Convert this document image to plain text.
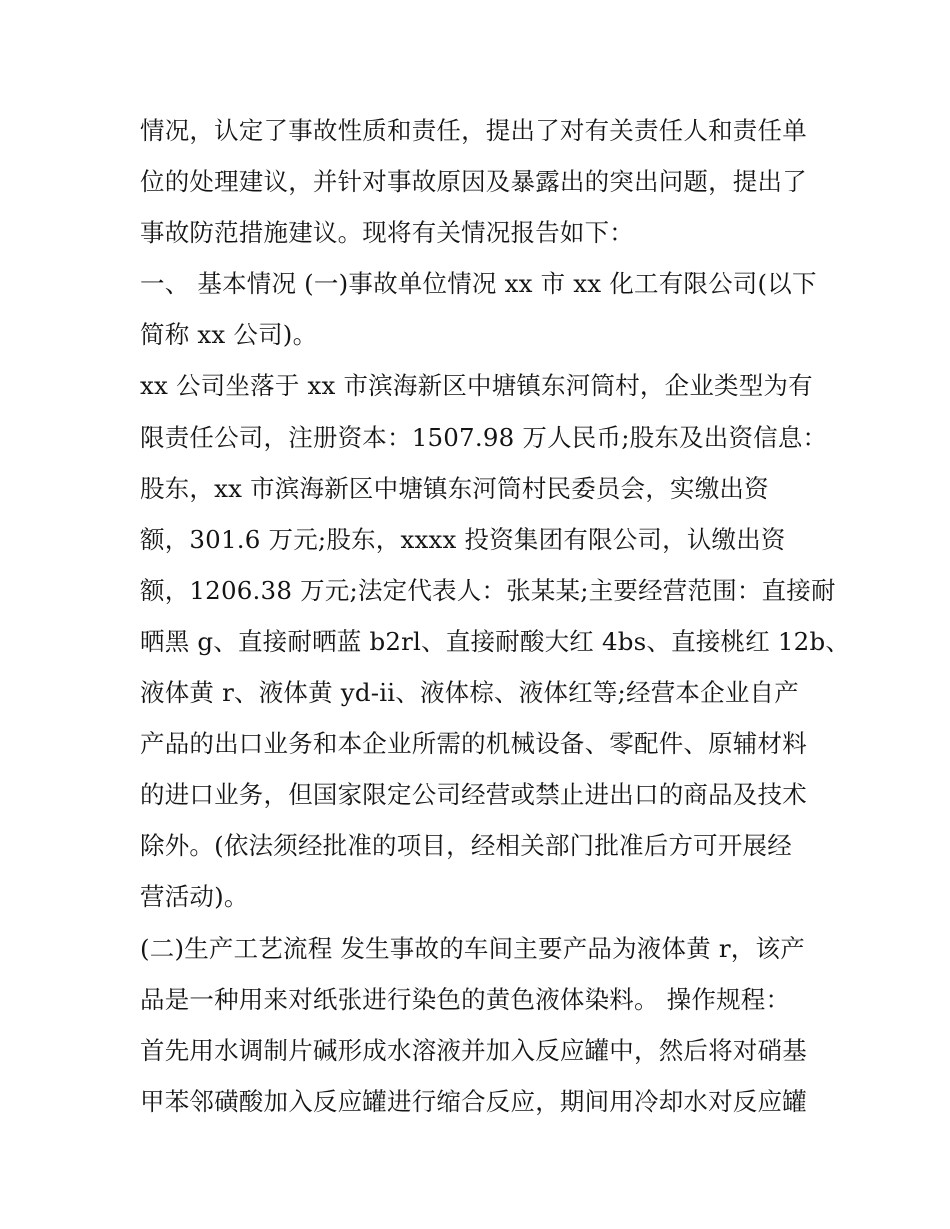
情况，认定了事故性质和责任，提出了对有关责任人和责任单
位的处理建议，并针对事故原因及暴露出的突出问题，提出了
事故防范措施建议。现将有关情况报告如下：
一、 基本情况 (一)事故单位情况 xx 市 xx 化工有限公司(以下
简称 xx 公司)。
xx 公司坐落于 xx 市滨海新区中塘镇东河筒村，企业类型为有
限责任公司，注册资本：1507.98 万人民币;股东及出资信息：
股东，xx 市滨海新区中塘镇东河筒村民委员会，实缴出资
额，301.6 万元;股东，xxxx 投资集团有限公司，认缴出资
额，1206.38 万元;法定代表人：张某某;主要经营范围：直接耐
晒黑 g、直接耐晒蓝 b2rl、直接耐酸大红 4bs、直接桃红 12b、
液体黄 r、液体黄 yd-ii、液体棕、液体红等;经营本企业自产
产品的出口业务和本企业所需的机械设备、零配件、原辅材料
的进口业务，但国家限定公司经营或禁止进出口的商品及技术
除外。(依法须经批准的项目，经相关部门批准后方可开展经
营活动)。
(二)生产工艺流程 发生事故的车间主要产品为液体黄 r，该产
品是一种用来对纸张进行染色的黄色液体染料。 操作规程：
首先用水调制片碱形成水溶液并加入反应罐中，然后将对硝基
甲苯邻磺酸加入反应罐进行缩合反应，期间用冷却水对反应罐
